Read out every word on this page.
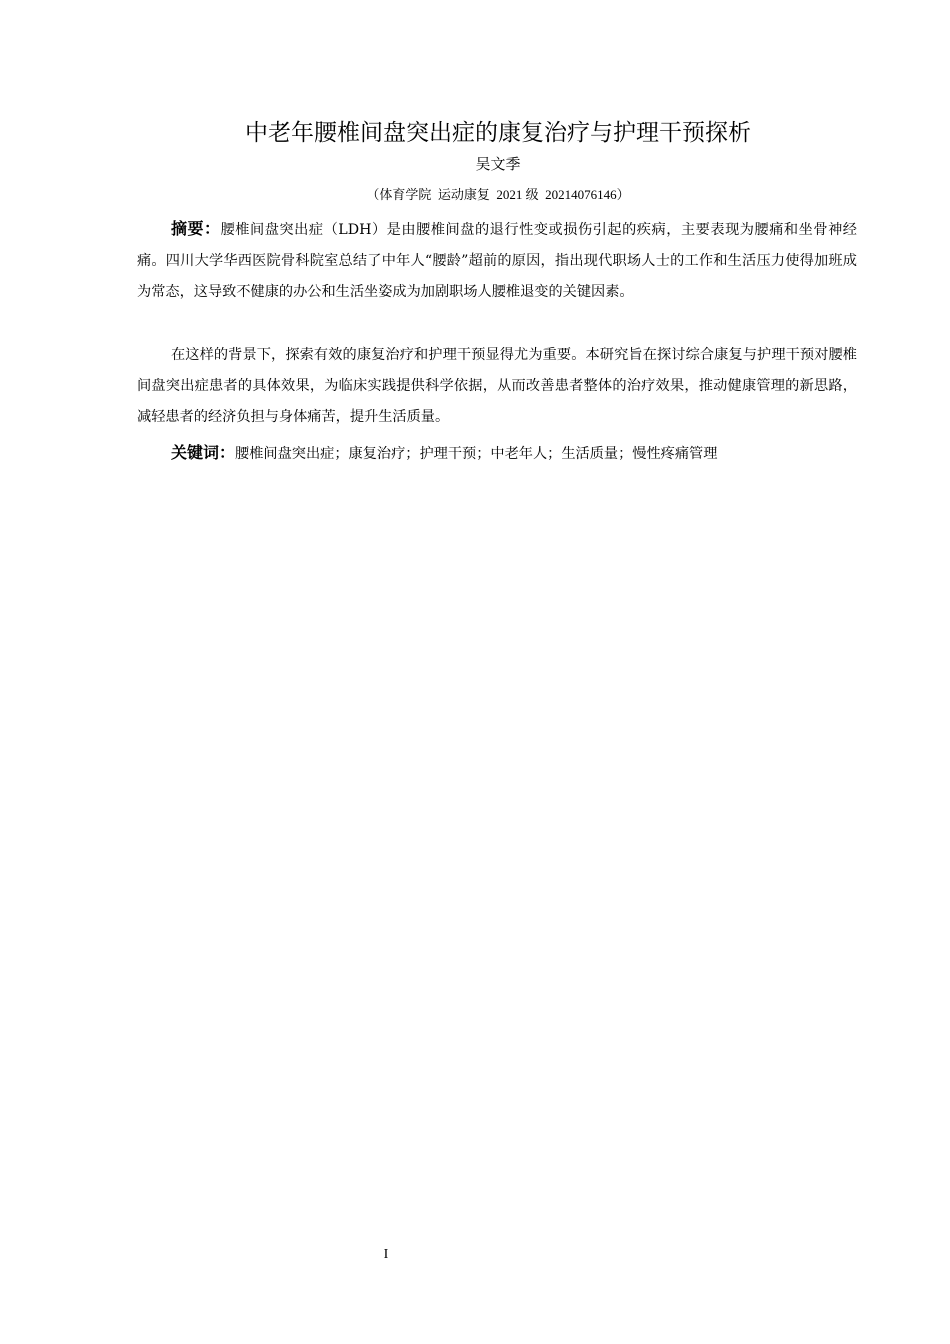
中老年腰椎间盘突出症的康复治疗与护理干预探析
吴文季
（体育学院  运动康复  2021 级  20214076146）
摘要：腰椎间盘突出症（LDH）是由腰椎间盘的退行性变或损伤引起的疾病，主要表现为腰痛和坐骨神经痛。四川大学华西医院骨科院室总结了中年人“腰龄”超前的原因，指出现代职场人士的工作和生活压力使得加班成为常态，这导致不健康的办公和生活坐姿成为加剧职场人腰椎退变的关键因素。
在这样的背景下，探索有效的康复治疗和护理干预显得尤为重要。本研究旨在探讨综合康复与护理干预对腰椎间盘突出症患者的具体效果，为临床实践提供科学依据，从而改善患者整体的治疗效果，推动健康管理的新思路，减轻患者的经济负担与身体痛苦，提升生活质量。
关键词：腰椎间盘突出症；康复治疗；护理干预；中老年人；生活质量；慢性疼痛管理
I
